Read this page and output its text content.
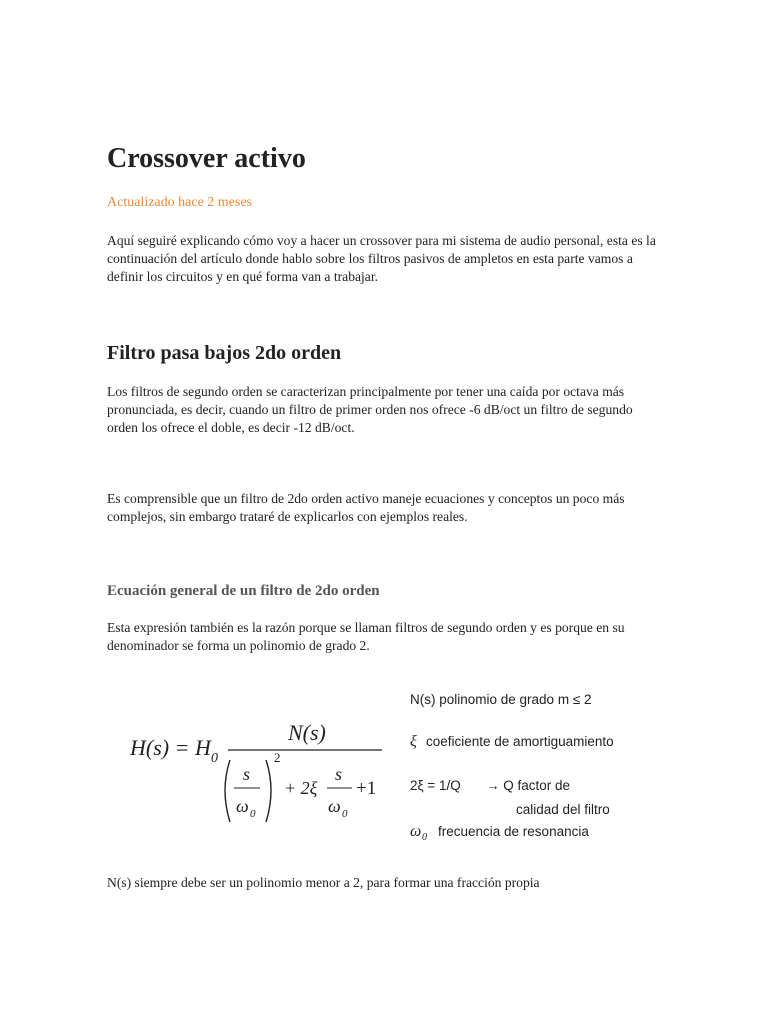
Crossover activo
Actualizado hace 2 meses

Aquí seguiré explicando cómo voy a hacer un crossover para mi sistema de audio personal, esta es la continuación del artículo donde hablo sobre los filtros pasivos de ampletos en esta parte vamos a definir los circuitos y en qué forma van a trabajar.

Filtro pasa bajos 2do orden

Los filtros de segundo orden se caracterizan principalmente por tener una caída por octava más pronunciada, es decir, cuando un filtro de primer orden nos ofrece -6 dB/oct un filtro de segundo orden los ofrece el doble, es decir -12 dB/oct.

Es comprensible que un filtro de 2do orden activo maneje ecuaciones y conceptos un poco más complejos, sin embargo trataré de explicarlos con ejemplos reales.

Ecuación general de un filtro de 2do orden

Esta expresión también es la razón porque se llaman filtros de segundo orden y es porque en su denominador se forma un polinomio de grado 2.

H(s) = H 0
N(s)
s
ω 0
2
+ 2ξ
s
ω 0
+1
N(s) polinomio de grado m ≤ 2
ξ coeficiente de amortiguamiento
2ξ = 1/Q → Q factor de
calidad del filtro
ω 0 frecuencia de resonancia

N(s) siempre debe ser un polinomio menor a 2, para formar una fracción propia
